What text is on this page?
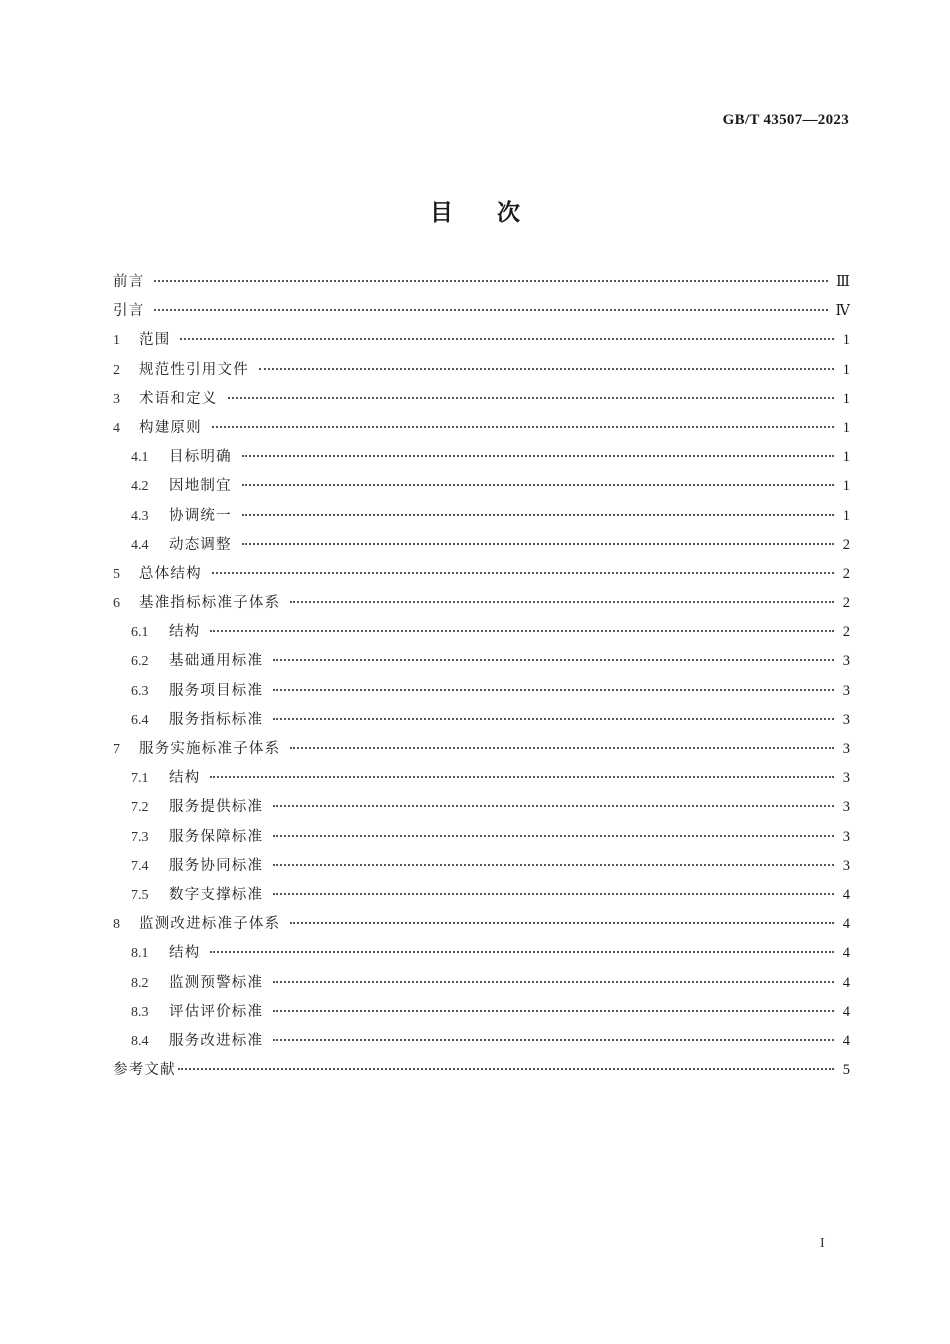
GB/T 43507—2023
目次
前言	Ⅲ
引言	Ⅳ
1	范围	1
2	规范性引用文件	1
3	术语和定义	1
4	构建原则	1
4.1	目标明确	1
4.2	因地制宜	1
4.3	协调统一	1
4.4	动态调整	2
5	总体结构	2
6	基准指标标准子体系	2
6.1	结构	2
6.2	基础通用标准	3
6.3	服务项目标准	3
6.4	服务指标标准	3
7	服务实施标准子体系	3
7.1	结构	3
7.2	服务提供标准	3
7.3	服务保障标准	3
7.4	服务协同标准	3
7.5	数字支撑标准	4
8	监测改进标准子体系	4
8.1	结构	4
8.2	监测预警标准	4
8.3	评估评价标准	4
8.4	服务改进标准	4
参考文献	5
I
